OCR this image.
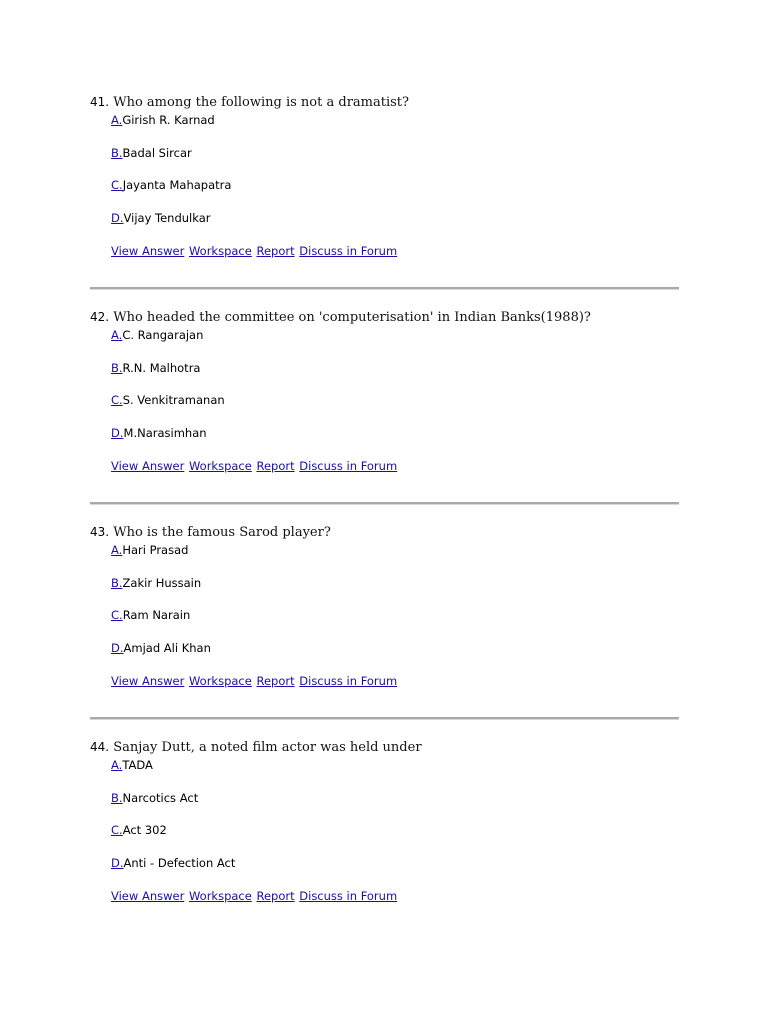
41. Who among the following is not a dramatist?
A.Girish R. Karnad
B.Badal Sircar
C.Jayanta Mahapatra
D.Vijay Tendulkar
View Answer Workspace Report Discuss in Forum
42. Who headed the committee on 'computerisation' in Indian Banks(1988)?
A.C. Rangarajan
B.R.N. Malhotra
C.S. Venkitramanan
D.M.Narasimhan
View Answer Workspace Report Discuss in Forum
43. Who is the famous Sarod player?
A.Hari Prasad
B.Zakir Hussain
C.Ram Narain
D.Amjad Ali Khan
View Answer Workspace Report Discuss in Forum
44. Sanjay Dutt, a noted film actor was held under
A.TADA
B.Narcotics Act
C.Act 302
D.Anti - Defection Act
View Answer Workspace Report Discuss in Forum
